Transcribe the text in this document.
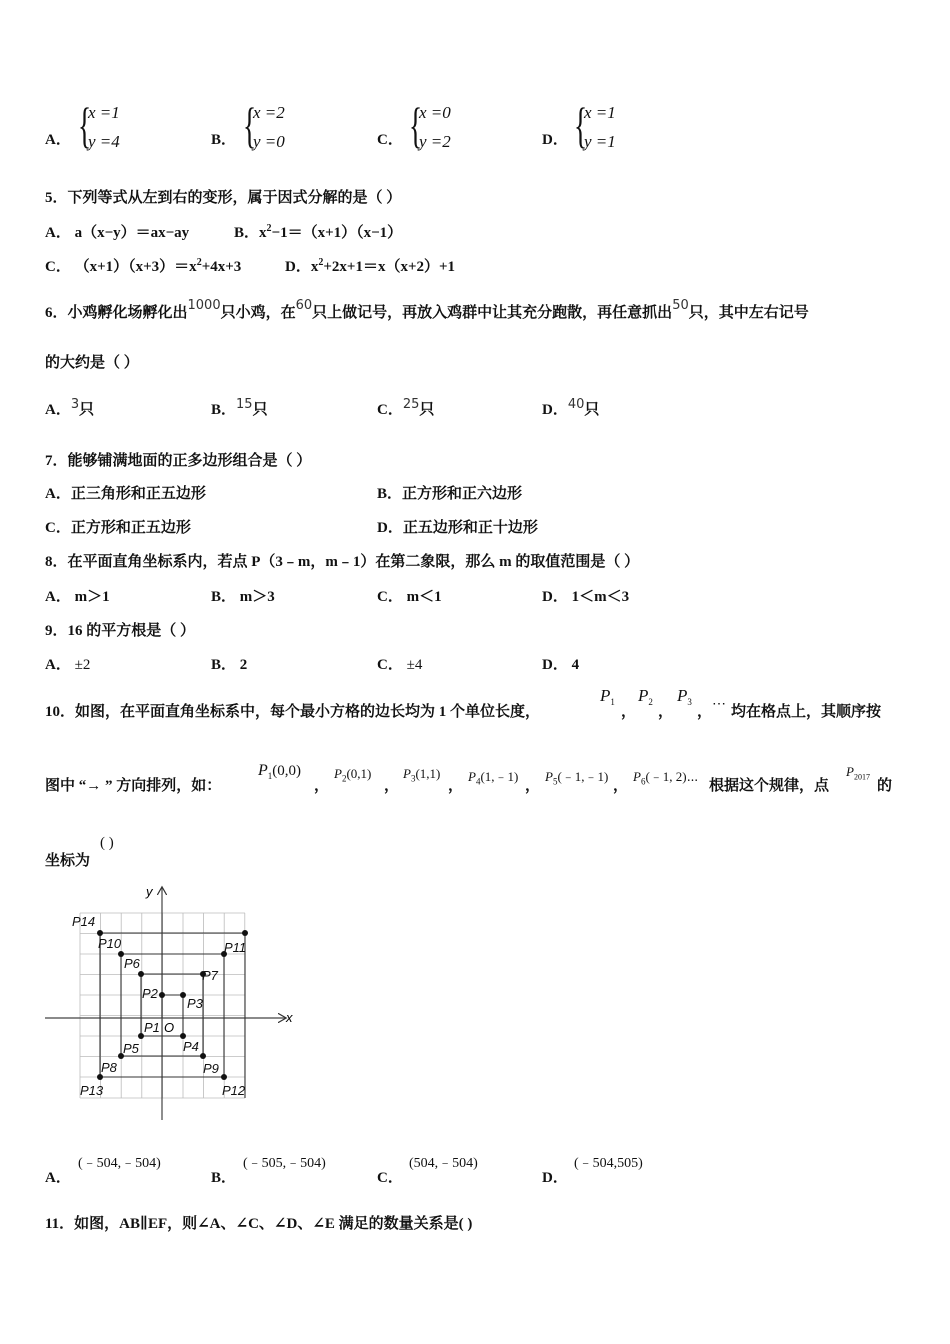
A． {
x =1
y =4	B． {
x =2
y =0	C． {
x =0
y =2	D． {
x =1
y =1
5．下列等式从左到右的变形，属于因式分解的是（ ）
A． a（x−y）＝ax−ay	B．$x^2-1=(x+1)(x-1)$
C． $(x+1)(x+3)=x^2+4x+3$	D．$x^2+2x+1=x(x+2)+1$
6．小鸡孵化场孵化出1000只小鸡，在60只上做记号，再放入鸡群中让其充分跑散，再任意抓出50只，其中左右记号
的大约是（ ）
A．3只	B．15只	C．25只	D．40只
7．能够铺满地面的正多边形组合是（ ）
A．正三角形和正五边形	B．正方形和正六边形
C．正方形和正五边形	D．正五边形和正十边形
8．在平面直角坐标系内，若点 P（3﹣m，m﹣1）在第二象限，那么 m 的取值范围是（ ）
A． m＞1	B． m＞3	C． m＜1	D． 1＜m＜3
9．16 的平方根是（ ）
A． ±2	B． 2	C． ±4	D． 4
10．如图，在平面直角坐标系中，每个最小方格的边长均为 1 个单位长度，
$P_1$
，
$P_2$
，
$P_3$
， ⋯ 均在格点上，其顺序按
图中 “→ ” 方向排列，如：
$P_1(0,0)$
，
$P_2(0,1)$
，
$P_3(1,1)$
，
$P_4(1,﹣1)$
，
$P_5(﹣1,﹣1)$
，
$P_6(﹣1$, 2)⋯
根据这个规律，点
$P_{2017}$
的
坐标为
( )
x
y
O
P14
P10
P6
P2
P1
P3
P7
P11
P4
P5
P8	P9
P12
P13
A．
(﹣504,﹣504)
B．
(﹣505,﹣504)
C．
(504,﹣504)
D．
(﹣504,505)
11．如图，AB∥EF，则∠A、∠C、∠D、∠E 满足的数量关系是( )
